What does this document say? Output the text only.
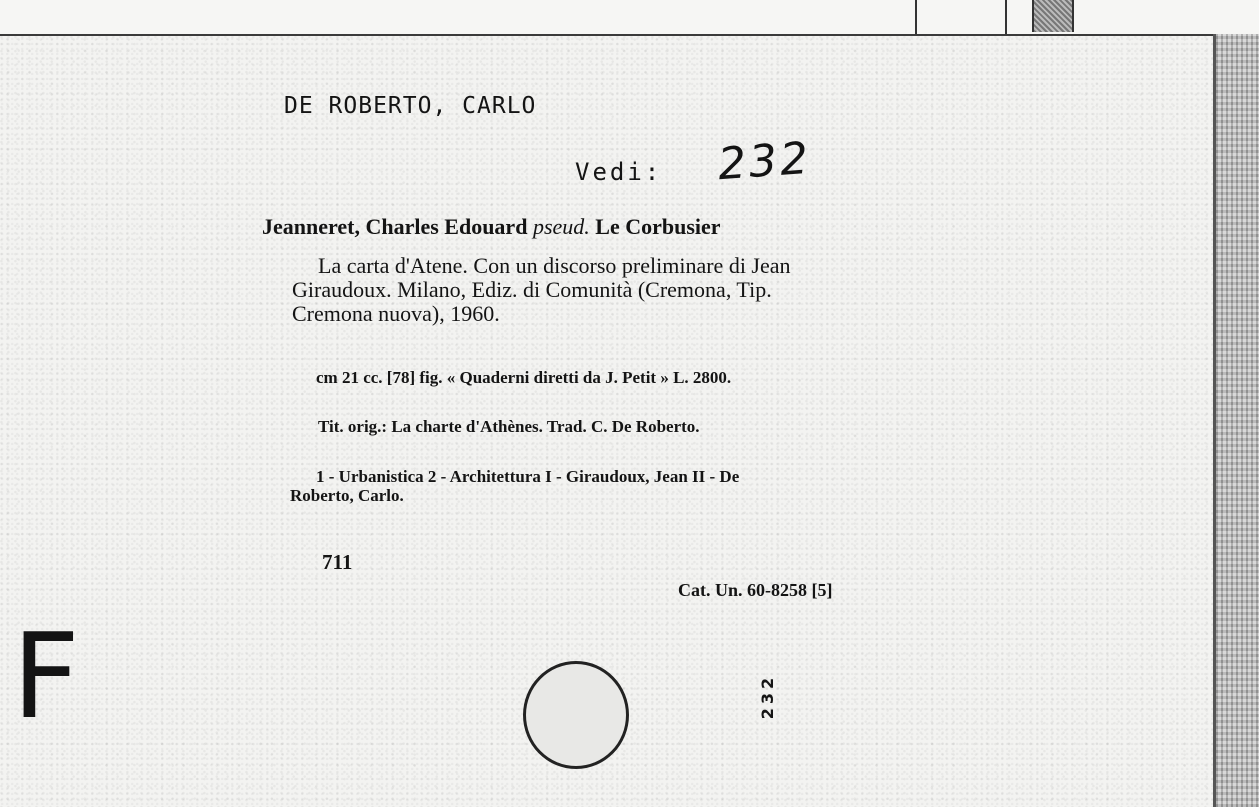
DE ROBERTO, CARLO

232

Vedi:

Jeanneret, Charles Edouard pseud. Le Corbusier

La carta d'Atene. Con un discorso preliminare di Jean
Giraudoux. Milano, Ediz. di Comunità (Cremona, Tip.
Cremona nuova), 1960.

cm 21 cc. [78] fig. « Quaderni diretti da J. Petit » L. 2800.

Tit. orig.: La charte d'Athènes. Trad. C. De Roberto.

1 - Urbanistica 2 - Architettura I - Giraudoux, Jean II - De
Roberto, Carlo.

711

Cat. Un. 60-8258 [5]

F	232
